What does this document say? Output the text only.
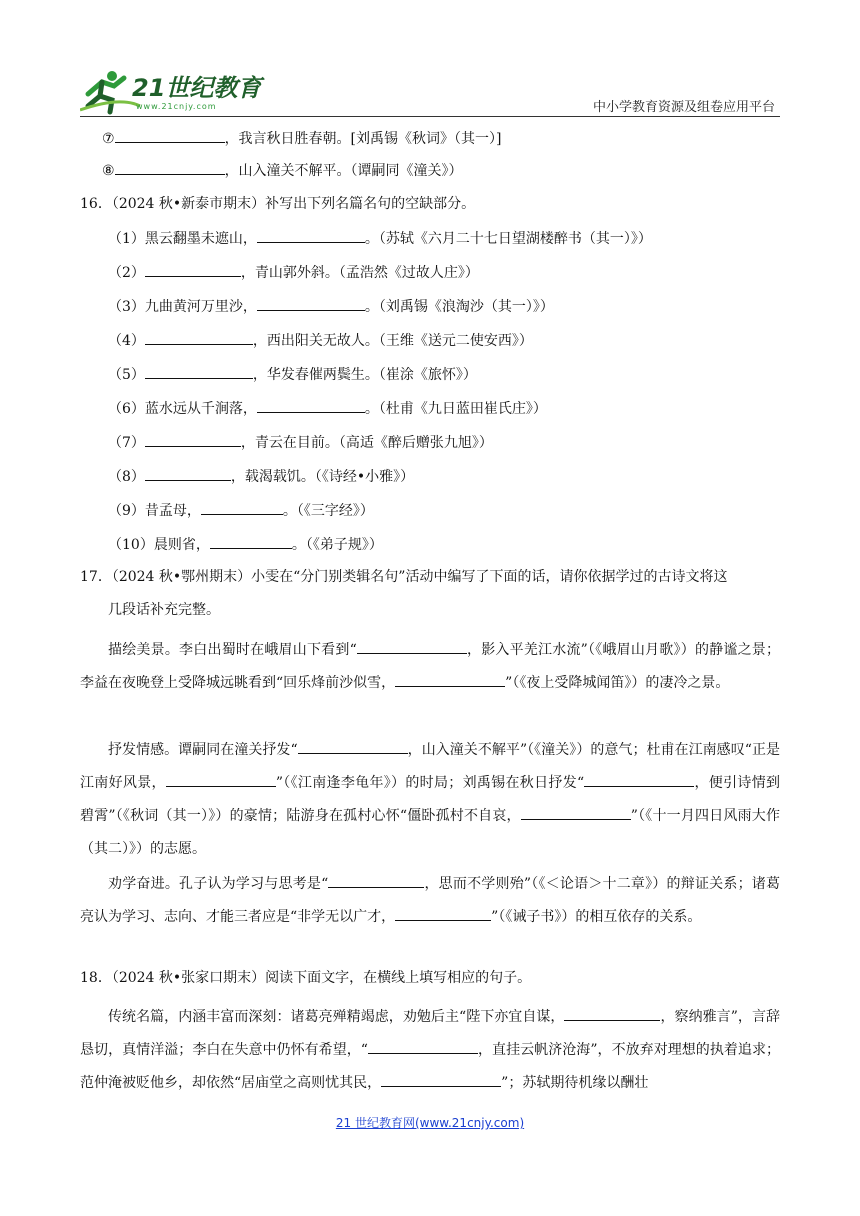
21世纪教育
www.21cnjy.com	中小学教育资源及组卷应用平台
⑦	，我言秋日胜春朝。[刘禹锡《秋词》（其一）]
⑧	，山入潼关不解平。（谭嗣同《潼关》）
16．（2024 秋•新泰市期末）补写出下列名篇名句的空缺部分。
（1）黑云翻墨未遮山，	。（苏轼《六月二十七日望湖楼醉书（其一）》）
（2）	，青山郭外斜。（孟浩然《过故人庄》）
（3）九曲黄河万里沙，	。（刘禹锡《浪淘沙（其一）》）
（4）	，西出阳关无故人。（王维《送元二使安西》）
（5）	，华发春催两鬓生。（崔涂《旅怀》）
（6）蓝水远从千涧落，	。（杜甫《九日蓝田崔氏庄》）
（7）	，青云在目前。（高适《醉后赠张九旭》）
（8）	，载渴载饥。（《诗经•小雅》）
（9）昔孟母，	。（《三字经》）
（10）晨则省，	。（《弟子规》）
17．（2024 秋•鄂州期末）小雯在“分门别类辑名句”活动中编写了下面的话，请你依据学过的古诗文将这
几段话补充完整。
描绘美景。李白出蜀时在峨眉山下看到“	，影入平羌江水流”（《峨眉山月歌》）的静谧之景；李益在夜晚登上受降城远眺看到“回乐烽前沙似雪，	”（《夜上受降城闻笛》）的凄冷之景。
抒发情感。谭嗣同在潼关抒发“	，山入潼关不解平”（《潼关》）的意气；杜甫在江南感叹“正是江南好风景，	”（《江南逢李龟年》）的时局；刘禹锡在秋日抒发“	，便引诗情到碧霄”（《秋词（其一）》）的豪情；陆游身在孤村心怀“僵卧孤村不自哀，	”（《十一月四日风雨大作（其二）》）的志愿。
劝学奋进。孔子认为学习与思考是“	，思而不学则殆”（《＜论语＞十二章》）的辩证关系；诸葛亮认为学习、志向、才能三者应是“非学无以广才，	”（《诫子书》）的相互依存的关系。
18．（2024 秋•张家口期末）阅读下面文字，在横线上填写相应的句子。
传统名篇，内涵丰富而深刻：诸葛亮殚精竭虑，劝勉后主“陛下亦宜自谋，	，察纳雅言”，言辞恳切，真情洋溢；李白在失意中仍怀有希望，“	，直挂云帆济沧海”，不放弃对理想的执着追求；范仲淹被贬他乡，却依然“居庙堂之高则忧其民，	”；苏轼期待机缘以酬壮
21 世纪教育网(www.21cnjy.com)
